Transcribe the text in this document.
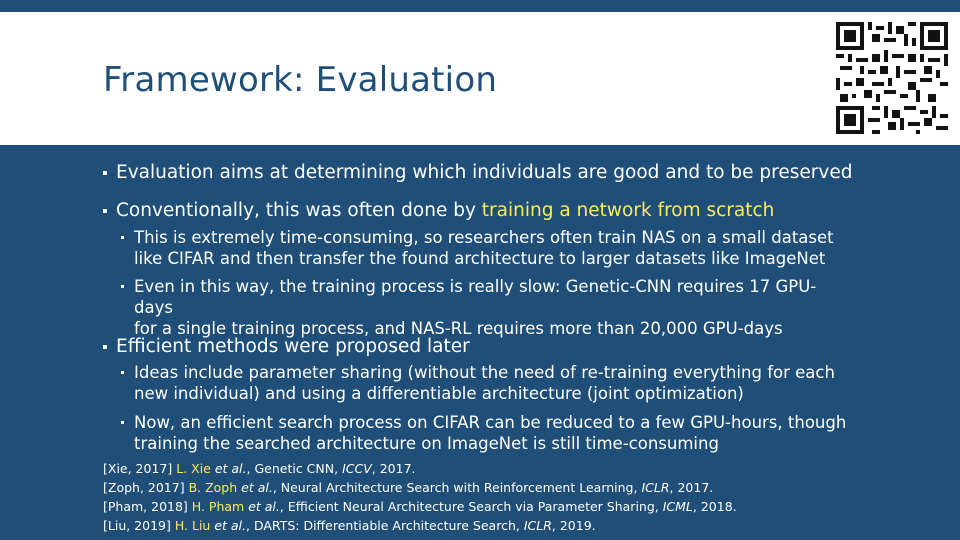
Framework: Evaluation
Evaluation aims at determining which individuals are good and to be preserved
Conventionally, this was often done by training a network from scratch
This is extremely time-consuming, so researchers often train NAS on a small dataset
like CIFAR and then transfer the found architecture to larger datasets like ImageNet
Even in this way, the training process is really slow: Genetic-CNN requires 17 GPU-days
for a single training process, and NAS-RL requires more than 20,000 GPU-days
Efficient methods were proposed later
Ideas include parameter sharing (without the need of re-training everything for each
new individual) and using a differentiable architecture (joint optimization)
Now, an efficient search process on CIFAR can be reduced to a few GPU-hours, though
training the searched architecture on ImageNet is still time-consuming
[Xie, 2017] L. Xie et al., Genetic CNN, ICCV, 2017.
[Zoph, 2017] B. Zoph et al., Neural Architecture Search with Reinforcement Learning, ICLR, 2017.
[Pham, 2018] H. Pham et al., Efficient Neural Architecture Search via Parameter Sharing, ICML, 2018.
[Liu, 2019] H. Liu et al., DARTS: Differentiable Architecture Search, ICLR, 2019.
